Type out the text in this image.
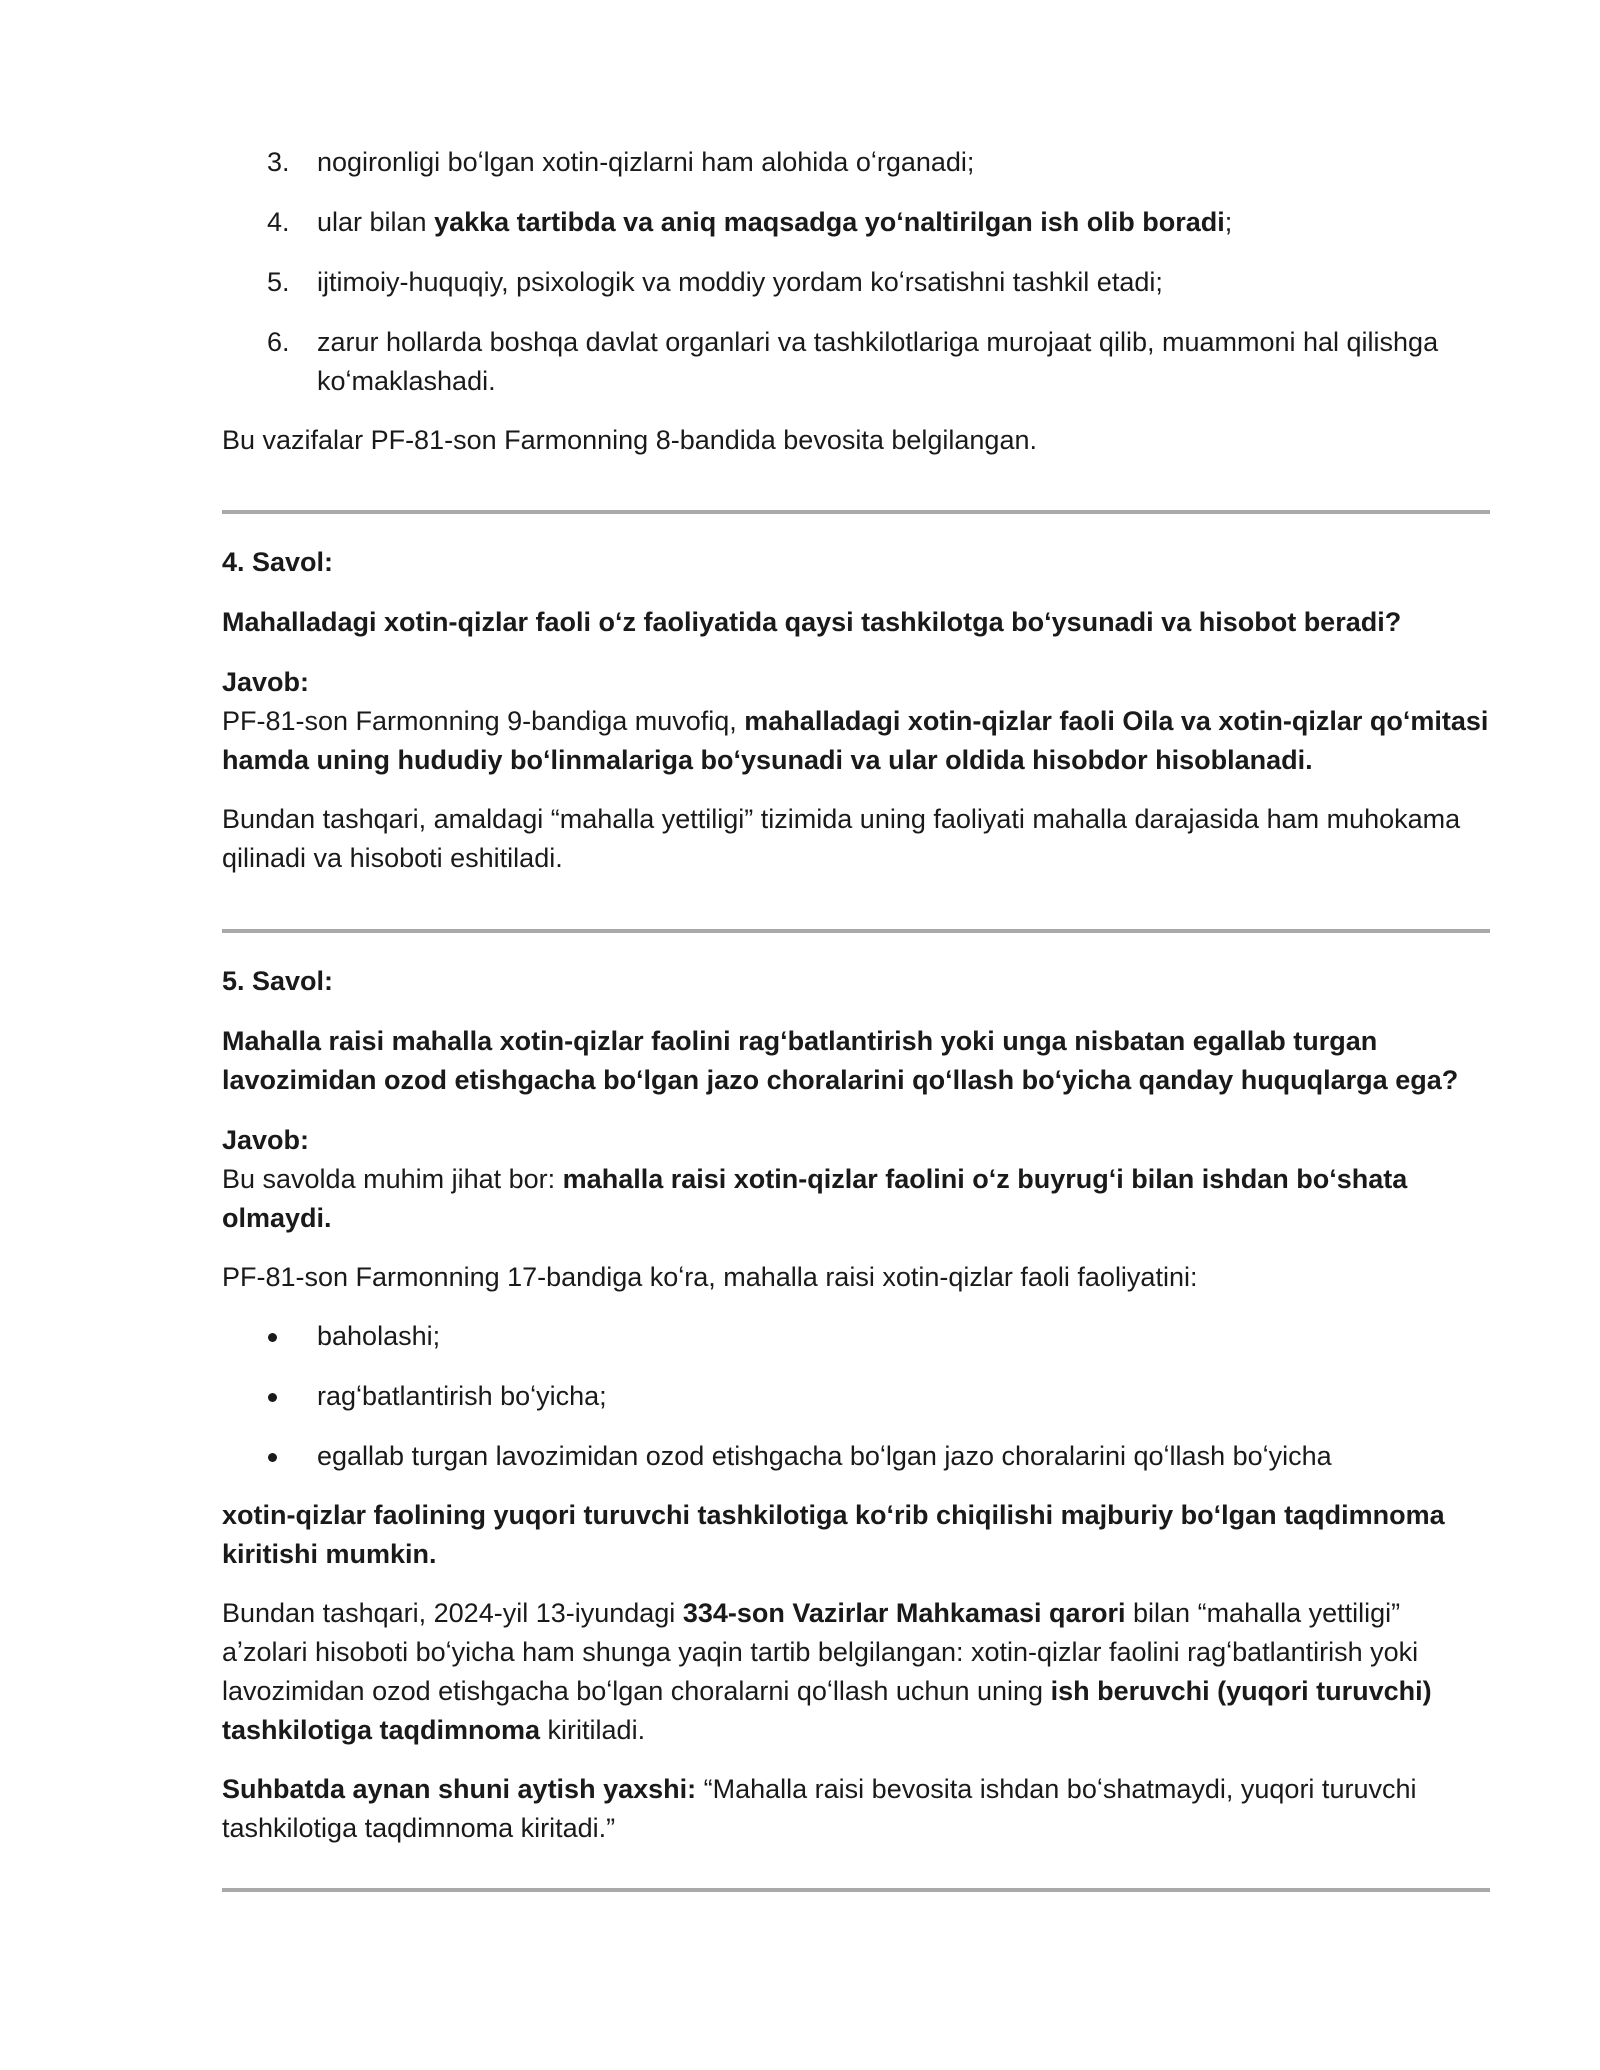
3.	nogironligi boʻlgan xotin-qizlarni ham alohida oʻrganadi;
4.	ular bilan yakka tartibda va aniq maqsadga yoʻnaltirilgan ish olib boradi;
5.	ijtimoiy-huquqiy, psixologik va moddiy yordam koʻrsatishni tashkil etadi;
6.	zarur hollarda boshqa davlat organlari va tashkilotlariga murojaat qilib, muammoni hal qilishga koʻmaklashadi.

Bu vazifalar PF-81-son Farmonning 8-bandida bevosita belgilangan.

4. Savol:

Mahalladagi xotin-qizlar faoli oʻz faoliyatida qaysi tashkilotga boʻysunadi va hisobot beradi?

Javob:

PF-81-son Farmonning 9-bandiga muvofiq, mahalladagi xotin-qizlar faoli Oila va xotin-qizlar qoʻmitasi hamda uning hududiy boʻlinmalariga boʻysunadi va ular oldida hisobdor hisoblanadi.

Bundan tashqari, amaldagi “mahalla yettiligi” tizimida uning faoliyati mahalla darajasida ham muhokama qilinadi va hisoboti eshitiladi.

5. Savol:

Mahalla raisi mahalla xotin-qizlar faolini ragʻbatlantirish yoki unga nisbatan egallab turgan lavozimidan ozod etishgacha boʻlgan jazo choralarini qoʻllash boʻyicha qanday huquqlarga ega?

Javob:

Bu savolda muhim jihat bor: mahalla raisi xotin-qizlar faolini oʻz buyrugʻi bilan ishdan boʻshata olmaydi.

PF-81-son Farmonning 17-bandiga koʻra, mahalla raisi xotin-qizlar faoli faoliyatini:

baholashi;
ragʻbatlantirish boʻyicha;
egallab turgan lavozimidan ozod etishgacha boʻlgan jazo choralarini qoʻllash boʻyicha

xotin-qizlar faolining yuqori turuvchi tashkilotiga koʻrib chiqilishi majburiy boʻlgan taqdimnoma kiritishi mumkin.

Bundan tashqari, 2024-yil 13-iyundagi 334-son Vazirlar Mahkamasi qarori bilan “mahalla yettiligi” aʼzolari hisoboti boʻyicha ham shunga yaqin tartib belgilangan: xotin-qizlar faolini ragʻbatlantirish yoki lavozimidan ozod etishgacha boʻlgan choralarni qoʻllash uchun uning ish beruvchi (yuqori turuvchi) tashkilotiga taqdimnoma kiritiladi.

Suhbatda aynan shuni aytish yaxshi: “Mahalla raisi bevosita ishdan boʻshatmaydi, yuqori turuvchi tashkilotiga taqdimnoma kiritadi.”
